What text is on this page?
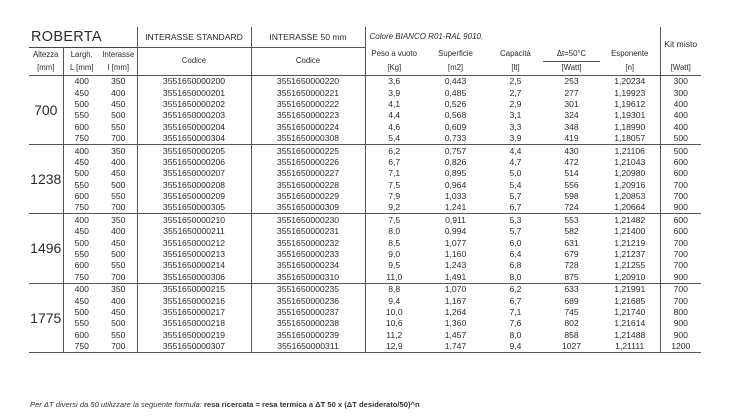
ROBERTA			INTERASSE STANDARD	INTERASSE 50 mm	Colore BIANCO R01-RAL 9010.					Kit misto
Altezza	Largh.	Interasse	Codice	Codice	Peso a vuoto	Superficie	Capacità	Δt=50°C	Esponente	
[mm]	L [mm]	I [mm]			[Kg]	[m2]	[lt]	[Watt]	[n]	[Watt]
700	400	350	3551650000200	3551650000220	3,6	0,443	2,5	253	1,20234	300
	450	400	3551650000201	3551650000221	3,9	0,485	2,7	277	1,19923	300
	500	450	3551650000202	3551650000222	4,1	0,526	2,9	301	1,19612	400
	550	500	3551650000203	3551650000223	4,4	0,568	3,1	324	1,19301	400
	600	550	3551650000204	3551650000224	4,6	0,609	3,3	348	1,18990	400
	750	700	3551650000304	3551650000308	5,4	0,733	3,9	419	1,18057	500
1238	400	350	3551650000205	3551650000225	6,2	0,757	4,4	430	1,21106	500
	450	400	3551650000206	3551650000226	6,7	0,826	4,7	472	1,21043	600
	500	450	3551650000207	3551650000227	7,1	0,895	5,0	514	1,20980	600
	550	500	3551650000208	3551650000228	7,5	0,964	5,4	556	1,20916	700
	600	550	3551650000209	3551650000229	7,9	1,033	5,7	598	1,20853	700
	750	700	3551650000305	3551650000309	9,2	1,241	6,7	724	1,20664	900
1496	400	350	3551650000210	3551650000230	7,5	0,911	5,3	553	1,21482	600
	450	400	3551650000211	3551650000231	8,0	0,994	5,7	582	1,21400	600
	500	450	3551650000212	3551650000232	8,5	1,077	6,0	631	1,21219	700
	550	500	3551650000213	3551650000233	9,0	1,160	6,4	679	1,21237	700
	600	550	3551650000214	3551650000234	9,5	1,243	6,8	728	1,21255	700
	750	700	3551650000306	3551650000310	11,0	1,491	8,0	875	1,20910	900
1775	400	350	3551650000215	3551650000235	8,8	1,070	6,2	633	1,21991	700
	450	400	3551650000216	3551650000236	9,4	1,167	6,7	689	1,21685	700
	500	450	3551650000217	3551650000237	10,0	1,264	7,1	745	1,21740	800
	550	500	3551650000218	3551650000238	10,6	1,360	7,6	802	1,21614	900
	600	550	3551650000219	3551650000239	11,2	1,457	8,0	858	1,21488	900
	750	700	3551650000307	3551650000311	12,9	1,747	9,4	1027	1,21111	1200
Per ΔT diversi da 50 utilizzare la seguente formula: resa ricercata = resa termica a ΔT 50 x (ΔT desiderato/50)^n
